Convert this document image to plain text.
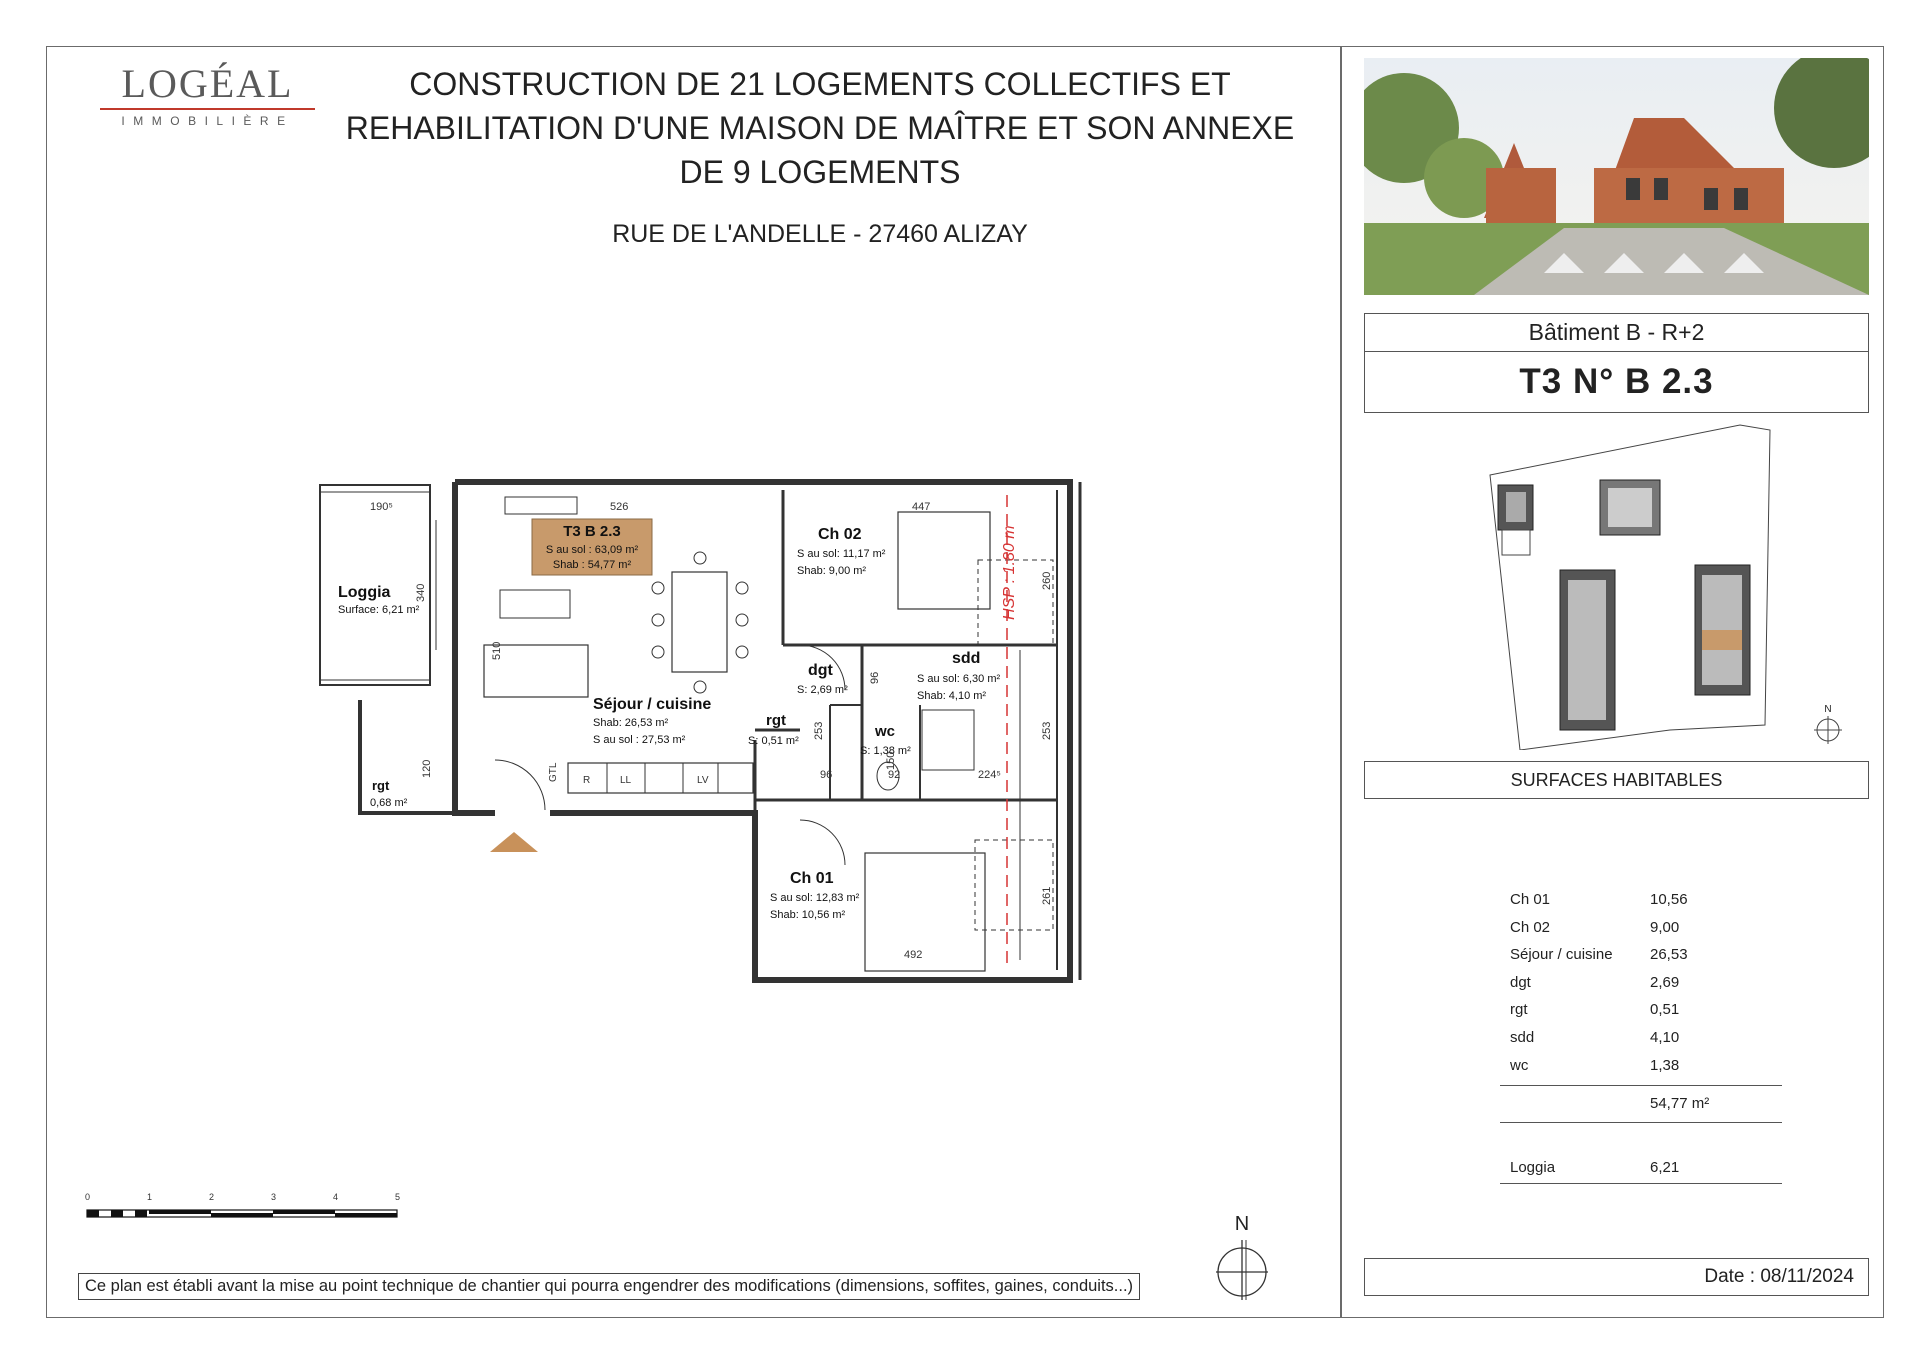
LOGÉAL
IMMOBILIÈRE
CONSTRUCTION DE 21 LOGEMENTS COLLECTIFS ET
REHABILITATION D'UNE MAISON DE MAÎTRE ET SON ANNEXE
DE 9 LOGEMENTS
RUE DE L'ANDELLE - 27460 ALIZAY
T3 B 2.3
S au sol : 63,09 m²
Shab : 54,77 m²	HSP : 1.80 m
Loggia
Surface: 6,21 m²
Séjour / cuisine
Shab: 26,53 m²
S au sol : 27,53 m²
Ch 02
S au sol: 11,17 m²
Shab: 9,00 m²
Ch 01
S au sol: 12,83 m²
Shab: 10,56 m²
dgt
S: 2,69 m²
sdd
S au sol: 6,30 m²
Shab: 4,10 m²
rgt
S: 0,51 m²
wc
S: 1,38 m²
rgt
0,68 m²
190⁵	526	447
340
510
260
253
96
150
92	224⁵
96
253
120
261
492
GTL R	LL	LV
0	1	2	3	4	5
Ce plan est établi avant la mise au point technique de chantier qui pourra engendrer des modifications (dimensions, soffites, gaines, conduits...)
N
Bâtiment B - R+2
T3 N° B 2.3
N
SURFACES HABITABLES
Ch 01	10,56
Ch 02	9,00
Séjour / cuisine 26,53
dgt	2,69
rgt	0,51
sdd	4,10
wc	1,38
54,77 m²
Loggia	6,21
Date : 08/11/2024
